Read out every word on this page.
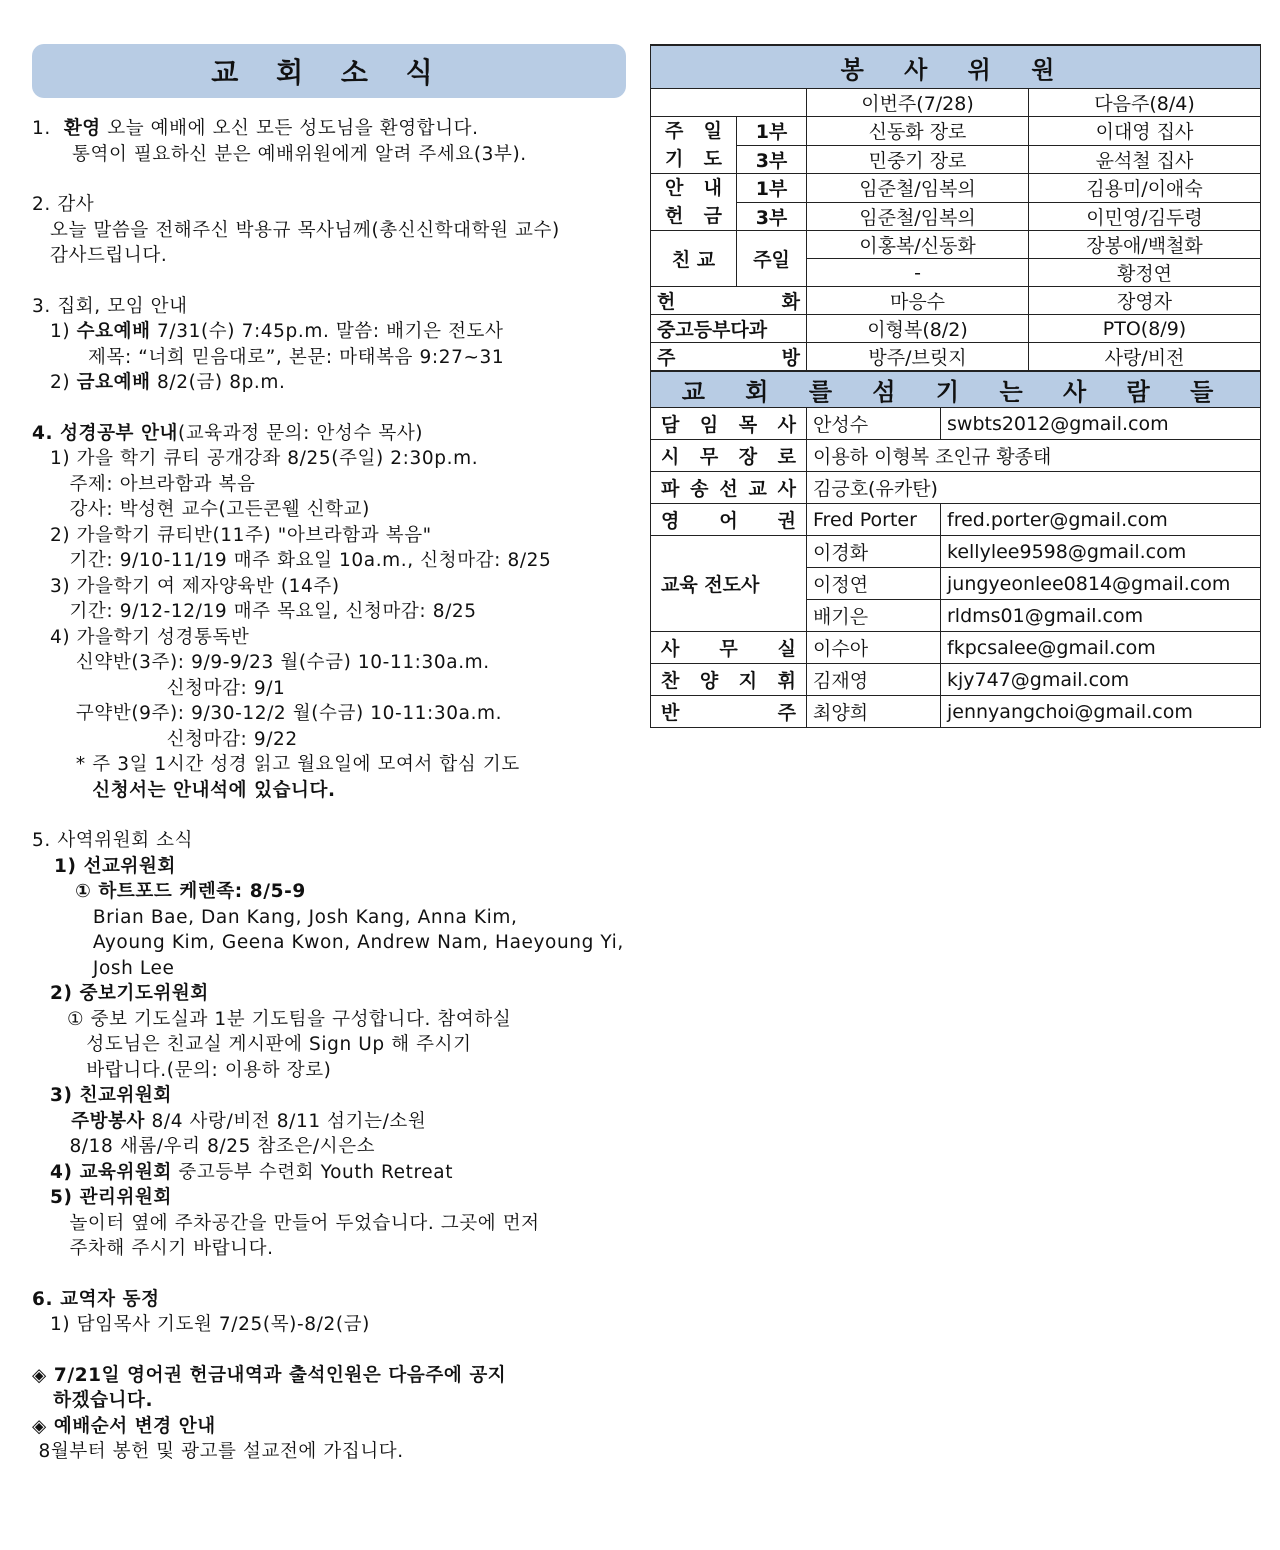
교 회 소 식
1. 환영 오늘 예배에 오신 모든 성도님을 환영합니다.
통역이 필요하신 분은 예배위원에게 알려 주세요(3부).
2. 감사
오늘 말씀을 전해주신 박용규 목사님께(총신신학대학원 교수)
감사드립니다.
3. 집회, 모임 안내
1) 수요예배 7/31(수) 7:45p.m. 말씀: 배기은 전도사
제목: “너희 믿음대로”, 본문: 마태복음 9:27~31
2) 금요예배 8/2(금) 8p.m.
4. 성경공부 안내(교육과정 문의: 안성수 목사)
1) 가을 학기 큐티 공개강좌 8/25(주일) 2:30p.m.
주제: 아브라함과 복음
강사: 박성현 교수(고든콘웰 신학교)
2) 가을학기 큐티반(11주) "아브라함과 복음"
기간: 9/10-11/19 매주 화요일 10a.m., 신청마감: 8/25
3) 가을학기 여 제자양육반 (14주)
기간: 9/12-12/19 매주 목요일, 신청마감: 8/25
4) 가을학기 성경통독반
신약반(3주): 9/9-9/23 월(수금) 10-11:30a.m.
신청마감: 9/1
구약반(9주): 9/30-12/2 월(수금) 10-11:30a.m.
신청마감: 9/22
* 주 3일 1시간 성경 읽고 월요일에 모여서 합심 기도
신청서는 안내석에 있습니다.
5. 사역위원회 소식
1) 선교위원회
① 하트포드 케렌족: 8/5-9
Brian Bae, Dan Kang, Josh Kang, Anna Kim,
Ayoung Kim, Geena Kwon, Andrew Nam, Haeyoung Yi,
Josh Lee
2) 중보기도위원회
① 중보 기도실과 1분 기도팀을 구성합니다. 참여하실
성도님은 친교실 게시판에 Sign Up 해 주시기
바랍니다.(문의: 이용하 장로)
3) 친교위원회
주방봉사 8/4 사랑/비전 8/11 섬기는/소원
8/18 새롬/우리 8/25 참조은/시은소
4) 교육위원회 중고등부 수련회 Youth Retreat
5) 관리위원회
놀이터 옆에 주차공간을 만들어 두었습니다. 그곳에 먼저
주차해 주시기 바랍니다.
6. 교역자 동정
1) 담임목사 기도원 7/25(목)-8/2(금)
◈ 7/21일 영어권 헌금내역과 출석인원은 다음주에 공지
하겠습니다.
◈ 예배순서 변경 안내
8월부터 봉헌 및 광고를 설교전에 가집니다.
봉 사 위 원			
		이번주(7/28)	다음주(8/4)

주 일
기 도	1부	신동화 장로	이대영 집사
	3부	민중기 장로	윤석철 집사

안 내
헌 금	1부	임준철/임복의	김용미/이애숙
	3부	임준철/임복의	이민영/김두령
친 교	주일	이홍복/신동화	장봉애/백철화
		-	황정연
헌 화		마응수	장영자
중고등부다과		이형복(8/2)	PTO(8/9)
주 방		방주/브릿지	사랑/비전
교 회 를 섬 기 는 사 람 들		
담 임 목 사	안성수	swbts2012@gmail.com
시 무 장 로	이용하 이형복 조인규 황종태	
파 송 선 교 사	김긍호(유카탄)	
영 어 권	Fred Porter	fred.porter@gmail.com
교육 전도사	이경화	kellylee9598@gmail.com
	이정연	jungyeonlee0814@gmail.com
	배기은	rldms01@gmail.com
사 무 실	이수아	fkpcsalee@gmail.com
찬 양 지 휘	김재영	kjy747@gmail.com
반 주	최양희	jennyangchoi@gmail.com
